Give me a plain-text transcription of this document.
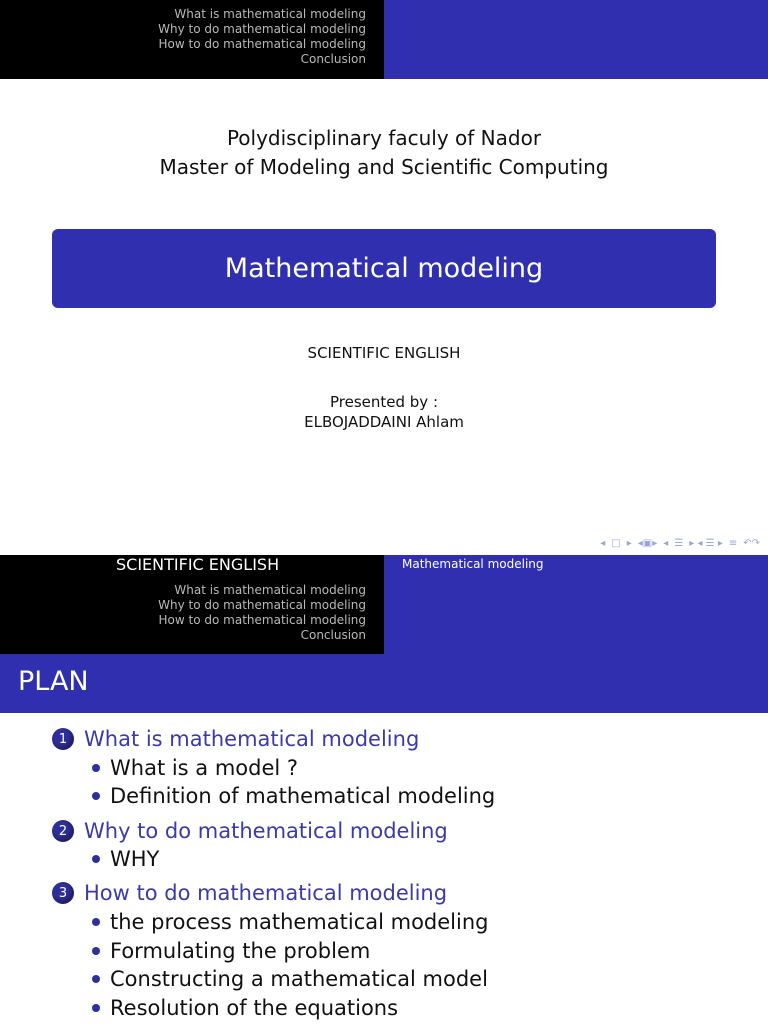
What is mathematical modeling
Why to do mathematical modeling
How to do mathematical modeling
Conclusion
Polydisciplinary faculy of Nador
Master of Modeling and Scientific Computing
Mathematical modeling
SCIENTIFIC ENGLISH
Presented by :
ELBOJADDAINI Ahlam
◂ □ ▸ ◂▣▸ ◂ ☰ ▸ ◂ ☰ ▸ ≡ ↶↷
SCIENTIFIC ENGLISH
What is mathematical modeling
Why to do mathematical modeling
How to do mathematical modeling
Conclusion
Mathematical modeling
PLAN
1 What is mathematical modeling
What is a model ?
Definition of mathematical modeling
2 Why to do mathematical modeling
WHY
3 How to do mathematical modeling
the process mathematical modeling
Formulating the problem
Constructing a mathematical model
Resolution of the equations
